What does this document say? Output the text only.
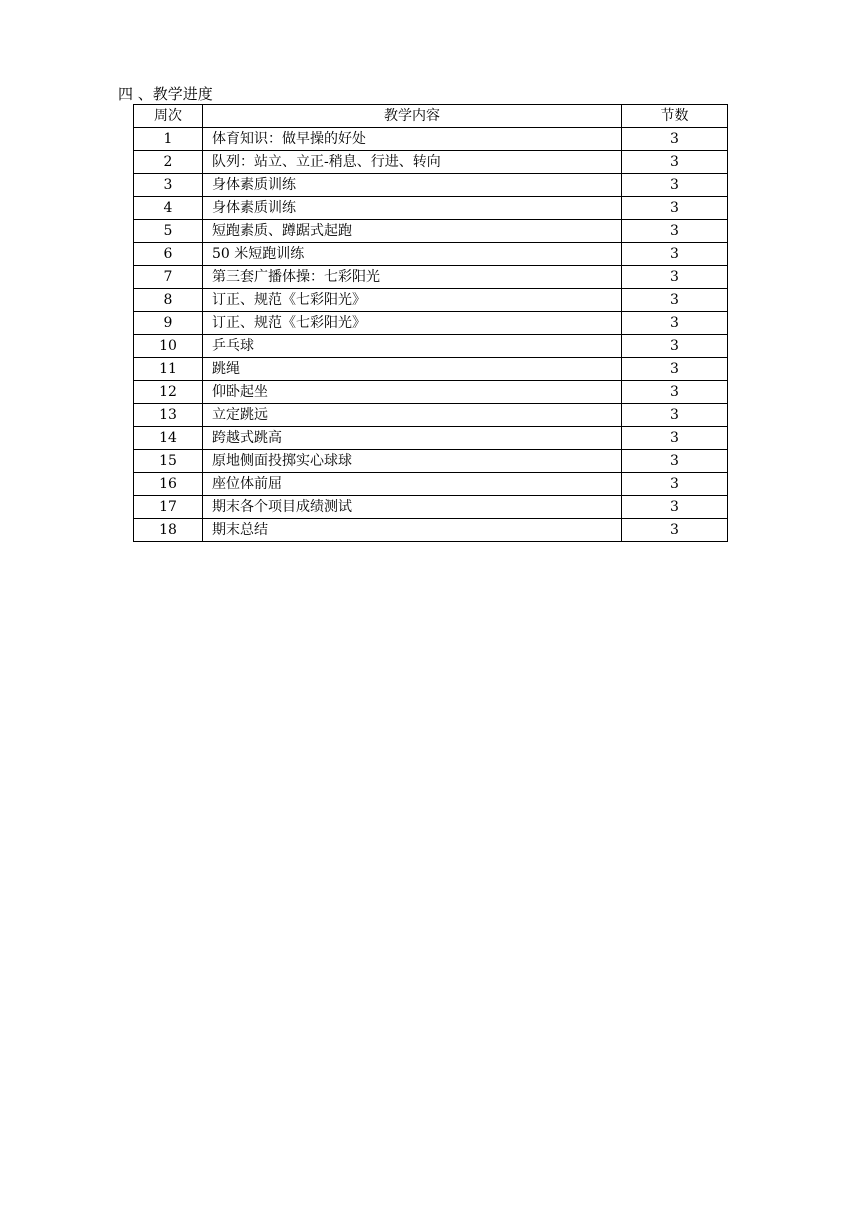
四 、教学进度
周次	教学内容	节数
1	体育知识：做早操的好处	3
2	队列：站立、立正-稍息、行进、转向	3
3	身体素质训练	3
4	身体素质训练	3
5	短跑素质、蹲踞式起跑	3
6	50 米短跑训练	3
7	第三套广播体操：七彩阳光	3
8	订正、规范《七彩阳光》	3
9	订正、规范《七彩阳光》	3
10	乒乓球	3
11	跳绳	3
12	仰卧起坐	3
13	立定跳远	3
14	跨越式跳高	3
15	原地侧面投掷实心球球	3
16	座位体前屈	3
17	期末各个项目成绩测试	3
18	期末总结	3
